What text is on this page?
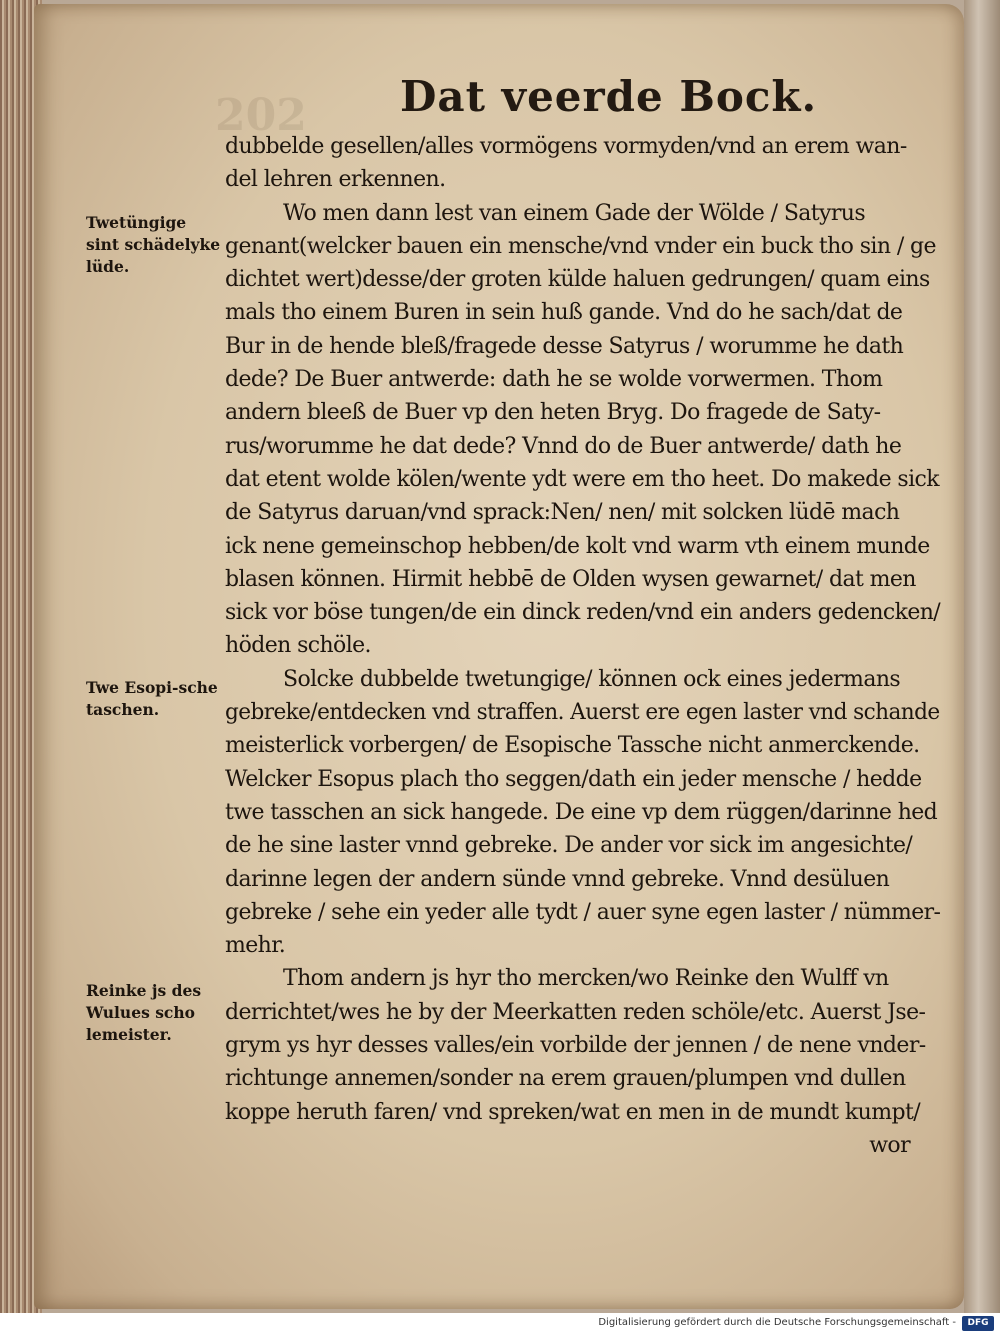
202 Dat veerde Bock.
Twetüngige sint schädelyke lüde.
Twe Esopi-sche taschen.
Reinke js des Wulues scho lemeister.
dubbelde gesellen/alles vormögens vormyden/vnd an erem wan-
del lehren erkennen.
Wo men dann lest van einem Gade der Wölde / Satyrus
genant(welcker bauen ein mensche/vnd vnder ein buck tho sin / ge
dichtet wert)desse/der groten küldе haluen gedrungen/ quam eins
mals tho einem Buren in sein huß gande. Vnd do he sach/dat de
Bur in de hende bleß/fragede desse Satyrus / worumme he dath
dede? De Buer antwerde: dath he se wolde vorwermen. Thom
andern bleeß de Buer vp den heten Bryg. Do fragede de Saty-
rus/worumme he dat dede? Vnnd do de Buer antwerde/ dath he
dat etent wolde kölen/wente ydt were em tho heet. Do makede sick
de Satyrus daruan/vnd sprack:Nen/ nen/ mit solcken lüdē mach
ick nene gemeinschop hebben/de kolt vnd warm vth einem munde
blasen können. Hirmit hebbē de Olden wysen gewarnet/ dat men
sick vor böse tungen/de ein dinck reden/vnd ein anders gedencken/
höden schöle.
Solcke dubbelde twetungige/ können ock eines jedermans
gebreke/entdecken vnd straffen. Auerst ere egen laster vnd schande
meisterlick vorbergen/ de Esopische Tassche nicht anmerckende.
Welcker Esopus plach tho seggen/dath ein jeder mensche / hedde
twe tasschen an sick hangede. De eine vp dem rüggen/darinne hed
de he sine laster vnnd gebreke. De ander vor sick im angesichte/
darinne legen der andern sünde vnnd gebreke. Vnnd desüluen
gebreke / sehe ein yeder alle tydt / auer syne egen laster / nümmer-
mehr.
Thom andern js hyr tho mercken/wo Reinke den Wulff vn
derrichtet/wes he by der Meerkatten reden schöle/etc. Auerst Jse-
grym ys hyr desses valles/ein vorbilde der jennen / de nene vnder-
richtunge annemen/sonder na erem grauen/plumpen vnd dullen
koppe heruth faren/ vnd spreken/wat en men in de mundt kumpt/
wor
Digitalisierung gefördert durch die Deutsche Forschungsgemeinschaft -	DFG
